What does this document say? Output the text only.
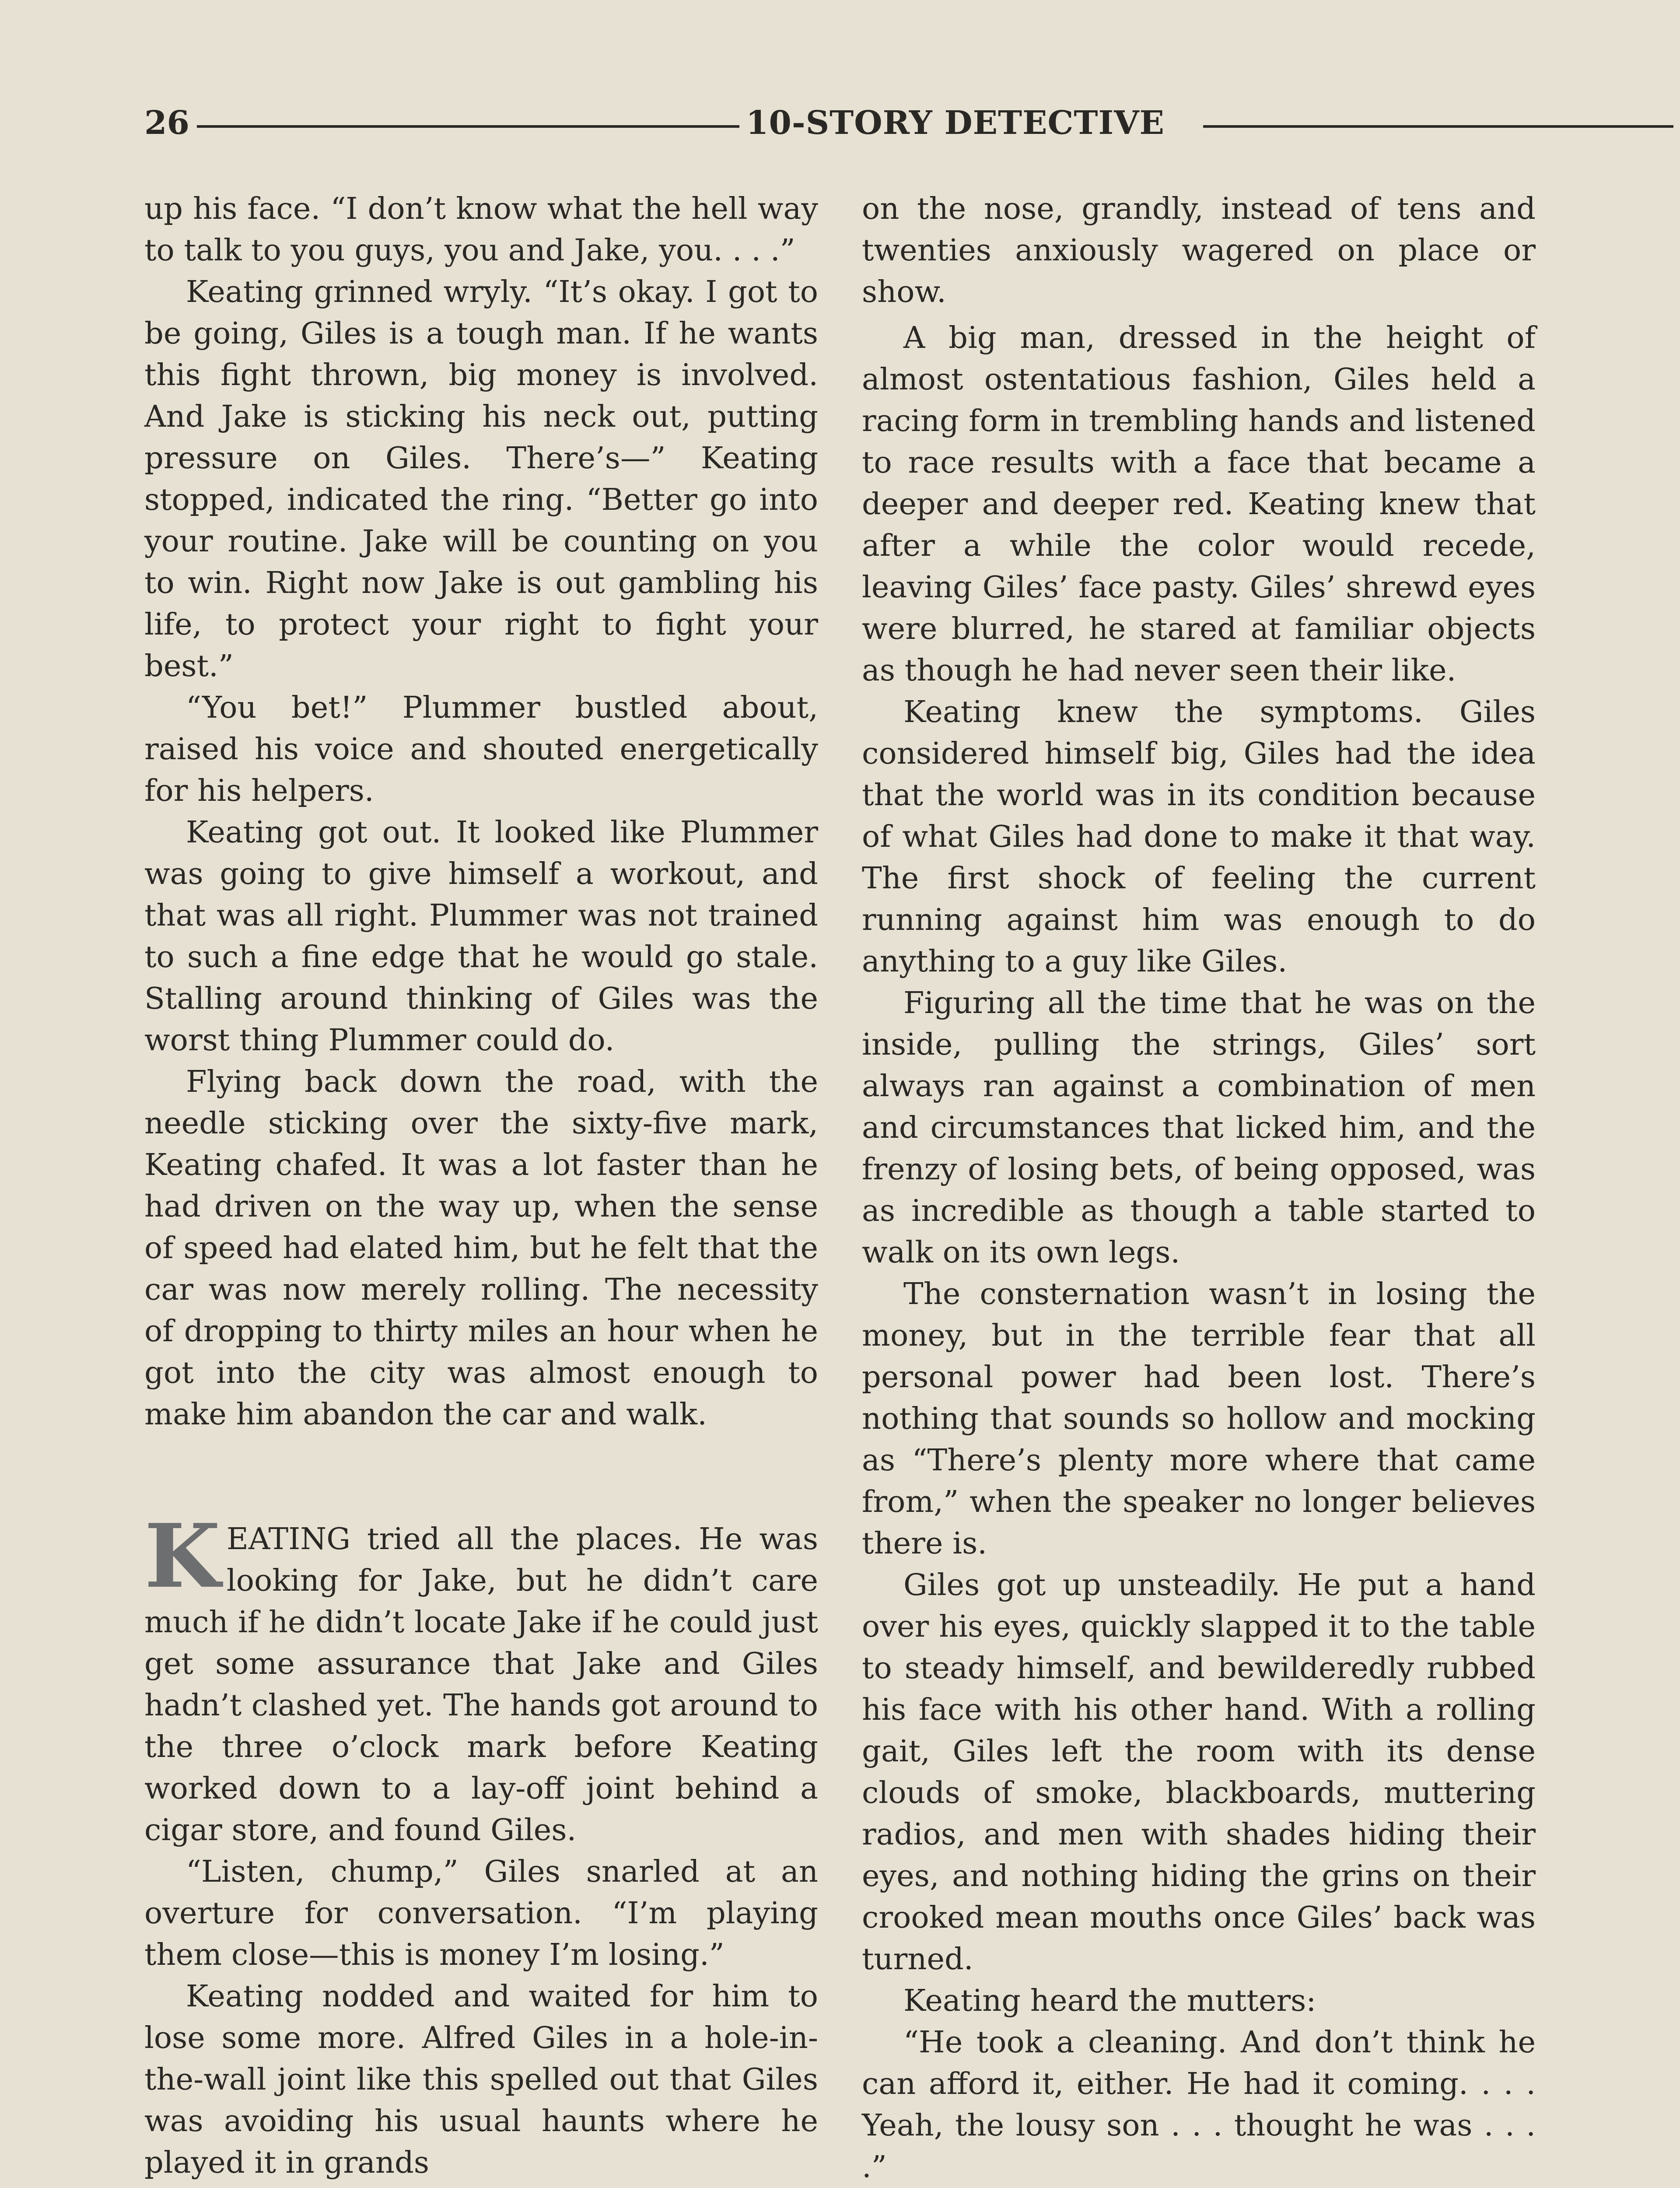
26	10-STORY DETECTIVE

up his face. “I don’t know what the hell way to talk to you guys, you and Jake, you. . . .”

Keating grinned wryly. “It’s okay. I got to be going, Giles is a tough man. If he wants this fight thrown, big money is involved. And Jake is sticking his neck out, putting pressure on Giles. There’s—” Keating stopped, indicated the ring. “Better go into your routine. Jake will be counting on you to win. Right now Jake is out gambling his life, to protect your right to fight your best.”

“You bet!” Plummer bustled about, raised his voice and shouted energetically for his helpers.

Keating got out. It looked like Plummer was going to give himself a workout, and that was all right. Plummer was not trained to such a fine edge that he would go stale. Stalling around thinking of Giles was the worst thing Plummer could do.

Flying back down the road, with the needle sticking over the sixty-five mark, Keating chafed. It was a lot faster than he had driven on the way up, when the sense of speed had elated him, but he felt that the car was now merely rolling. The necessity of dropping to thirty miles an hour when he got into the city was almost enough to make him abandon the car and walk.

KEATING tried all the places. He was looking for Jake, but he didn’t care much if he didn’t locate Jake if he could just get some assurance that Jake and Giles hadn’t clashed yet. The hands got around to the three o’clock mark before Keating worked down to a lay-off joint behind a cigar store, and found Giles.

“Listen, chump,” Giles snarled at an overture for conversation. “I’m playing them close—this is money I’m losing.”

Keating nodded and waited for him to lose some more. Alfred Giles in a hole-in-the-wall joint like this spelled out that Giles was avoiding his usual haunts where he played it in grands

on the nose, grandly, instead of tens and twenties anxiously wagered on place or show.

A big man, dressed in the height of almost ostentatious fashion, Giles held a racing form in trembling hands and listened to race results with a face that became a deeper and deeper red. Keating knew that after a while the color would recede, leaving Giles’ face pasty. Giles’ shrewd eyes were blurred, he stared at familiar objects as though he had never seen their like.

Keating knew the symptoms. Giles considered himself big, Giles had the idea that the world was in its condition because of what Giles had done to make it that way. The first shock of feeling the current running against him was enough to do anything to a guy like Giles.

Figuring all the time that he was on the inside, pulling the strings, Giles’ sort always ran against a combination of men and circumstances that licked him, and the frenzy of losing bets, of being opposed, was as incredible as though a table started to walk on its own legs.

The consternation wasn’t in losing the money, but in the terrible fear that all personal power had been lost. There’s nothing that sounds so hollow and mocking as “There’s plenty more where that came from,” when the speaker no longer believes there is.

Giles got up unsteadily. He put a hand over his eyes, quickly slapped it to the table to steady himself, and bewilderedly rubbed his face with his other hand. With a rolling gait, Giles left the room with its dense clouds of smoke, blackboards, muttering radios, and men with shades hiding their eyes, and nothing hiding the grins on their crooked mean mouths once Giles’ back was turned.

Keating heard the mutters:

“He took a cleaning. And don’t think he can afford it, either. He had it coming. . . . Yeah, the lousy son . . . thought he was . . . .”
